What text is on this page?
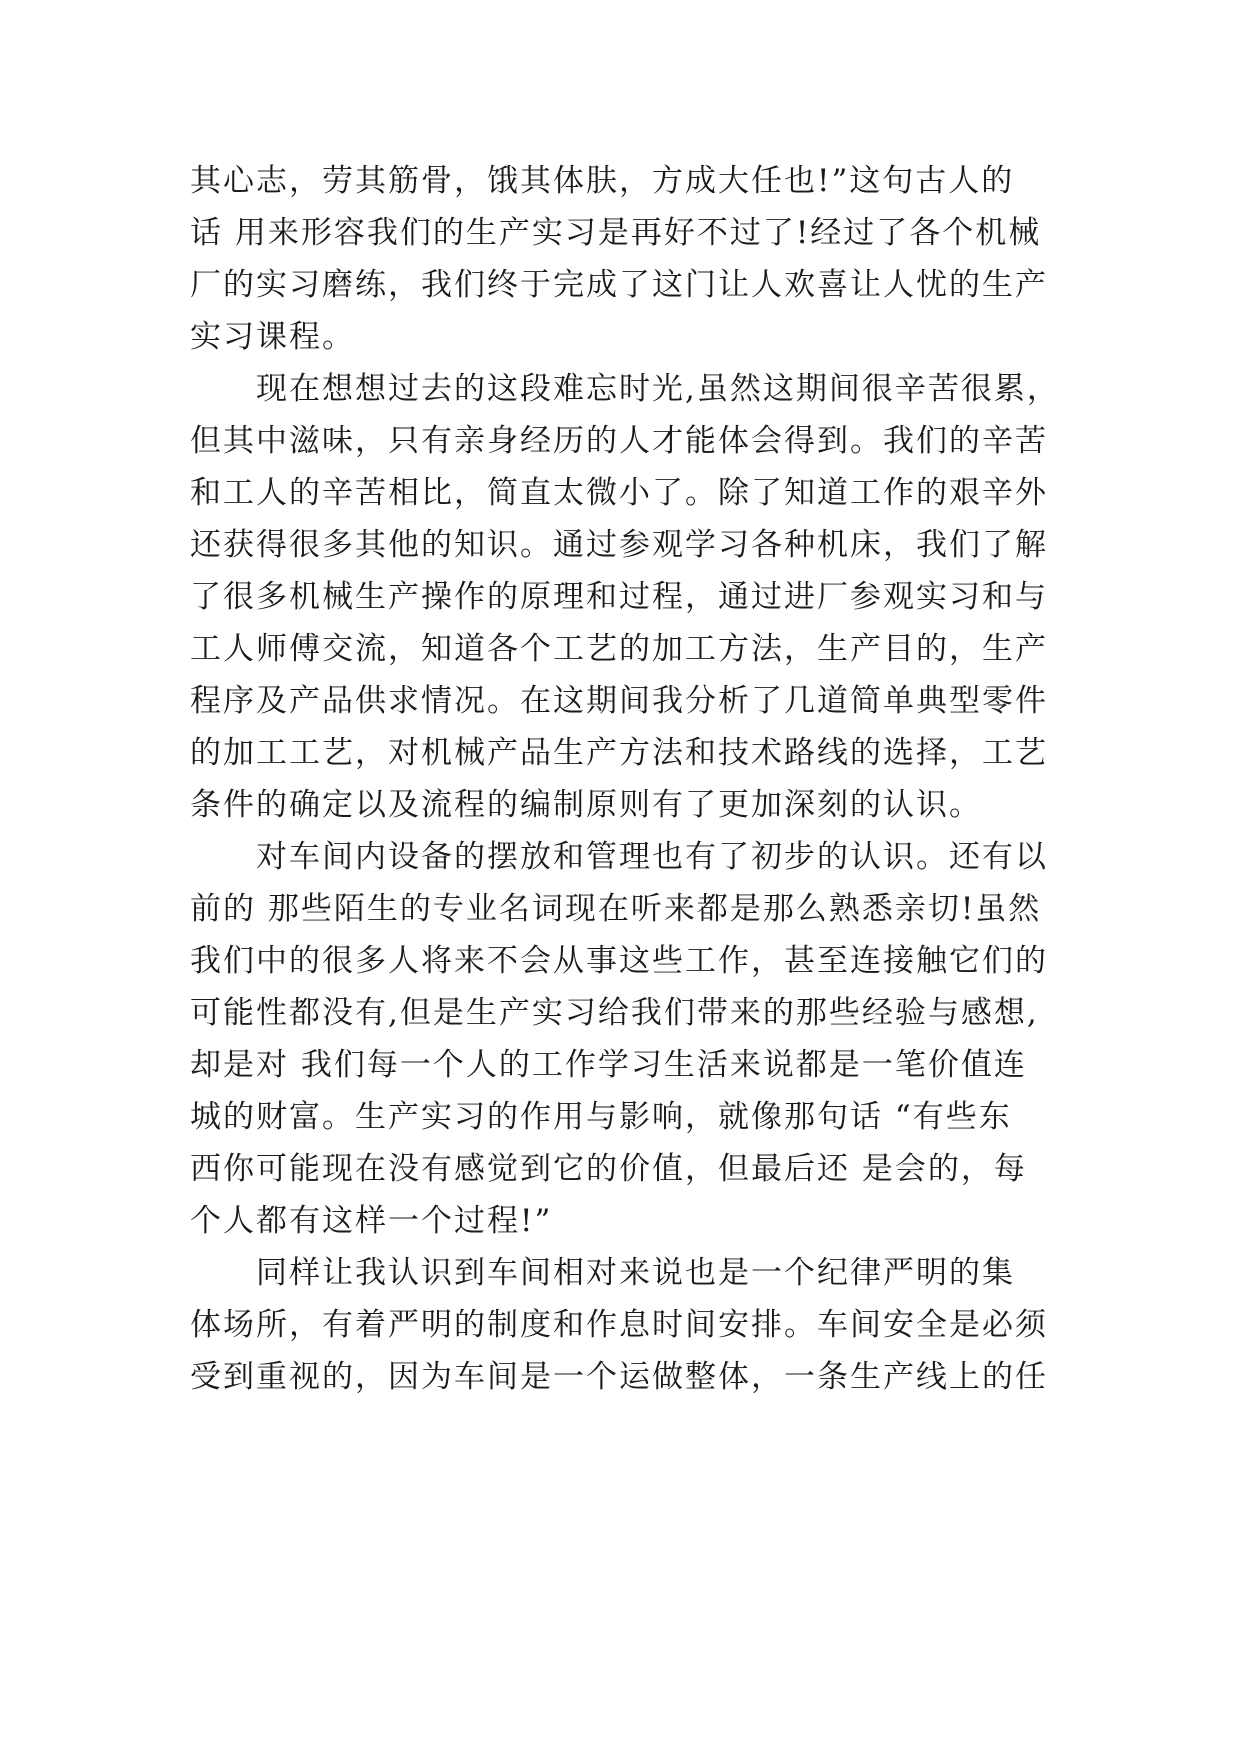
其心志，劳其筋骨，饿其体肤，方成大任也!”这句古人的
话 用来形容我们的生产实习是再好不过了!经过了各个机械
厂的实习磨练，我们终于完成了这门让人欢喜让人忧的生产
实习课程。
　　现在想想过去的这段难忘时光,虽然这期间很辛苦很累，
但其中滋味，只有亲身经历的人才能体会得到。我们的辛苦
和工人的辛苦相比，简直太微小了。除了知道工作的艰辛外
还获得很多其他的知识。通过参观学习各种机床，我们了解
了很多机械生产操作的原理和过程，通过进厂参观实习和与
工人师傅交流，知道各个工艺的加工方法，生产目的，生产
程序及产品供求情况。在这期间我分析了几道简单典型零件
的加工工艺，对机械产品生产方法和技术路线的选择，工艺
条件的确定以及流程的编制原则有了更加深刻的认识。
　　对车间内设备的摆放和管理也有了初步的认识。还有以
前的 那些陌生的专业名词现在听来都是那么熟悉亲切!虽然
我们中的很多人将来不会从事这些工作，甚至连接触它们的
可能性都没有,但是生产实习给我们带来的那些经验与感想,
却是对 我们每一个人的工作学习生活来说都是一笔价值连
城的财富。生产实习的作用与影响，就像那句话 “有些东
西你可能现在没有感觉到它的价值，但最后还 是会的，每
个人都有这样一个过程!”
　　同样让我认识到车间相对来说也是一个纪律严明的集
体场所，有着严明的制度和作息时间安排。车间安全是必须
受到重视的，因为车间是一个运做整体，一条生产线上的任
